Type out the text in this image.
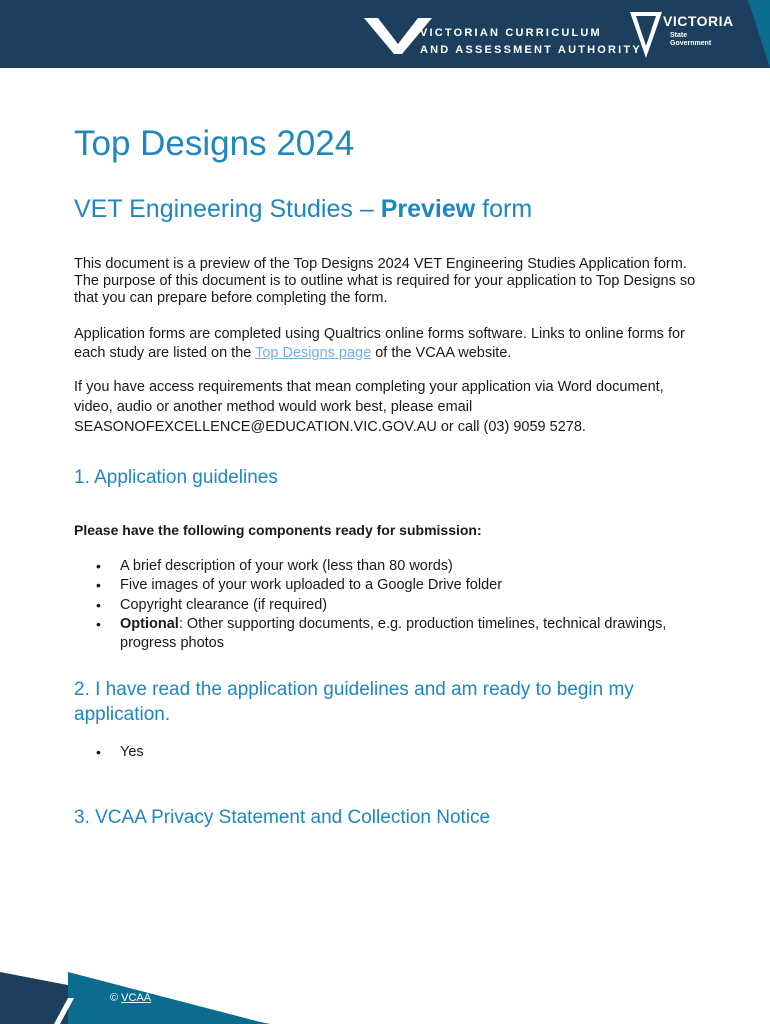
VICTORIAN CURRICULUM
AND ASSESSMENT AUTHORITY
VICTORIA
State
Government
Top Designs 2024
VET Engineering Studies – Preview form

This document is a preview of the Top Designs 2024 VET Engineering Studies Application form. The purpose of this document is to outline what is required for your application to Top Designs so that you can prepare before completing the form.

Application forms are completed using Qualtrics online forms software. Links to online forms for each study are listed on the Top Designs page of the VCAA website.

If you have access requirements that mean completing your application via Word document, video, audio or another method would work best, please email SEASONOFEXCELLENCE@EDUCATION.VIC.GOV.AU or call (03) 9059 5278.

1. Application guidelines

Please have the following components ready for submission:

• A brief description of your work (less than 80 words)
• Five images of your work uploaded to a Google Drive folder
• Copyright clearance (if required)
• Optional: Other supporting documents, e.g. production timelines, technical drawings, progress photos
2. I have read the application guidelines and am ready to begin my application.
• Yes
3. VCAA Privacy Statement and Collection Notice
© VCAA
